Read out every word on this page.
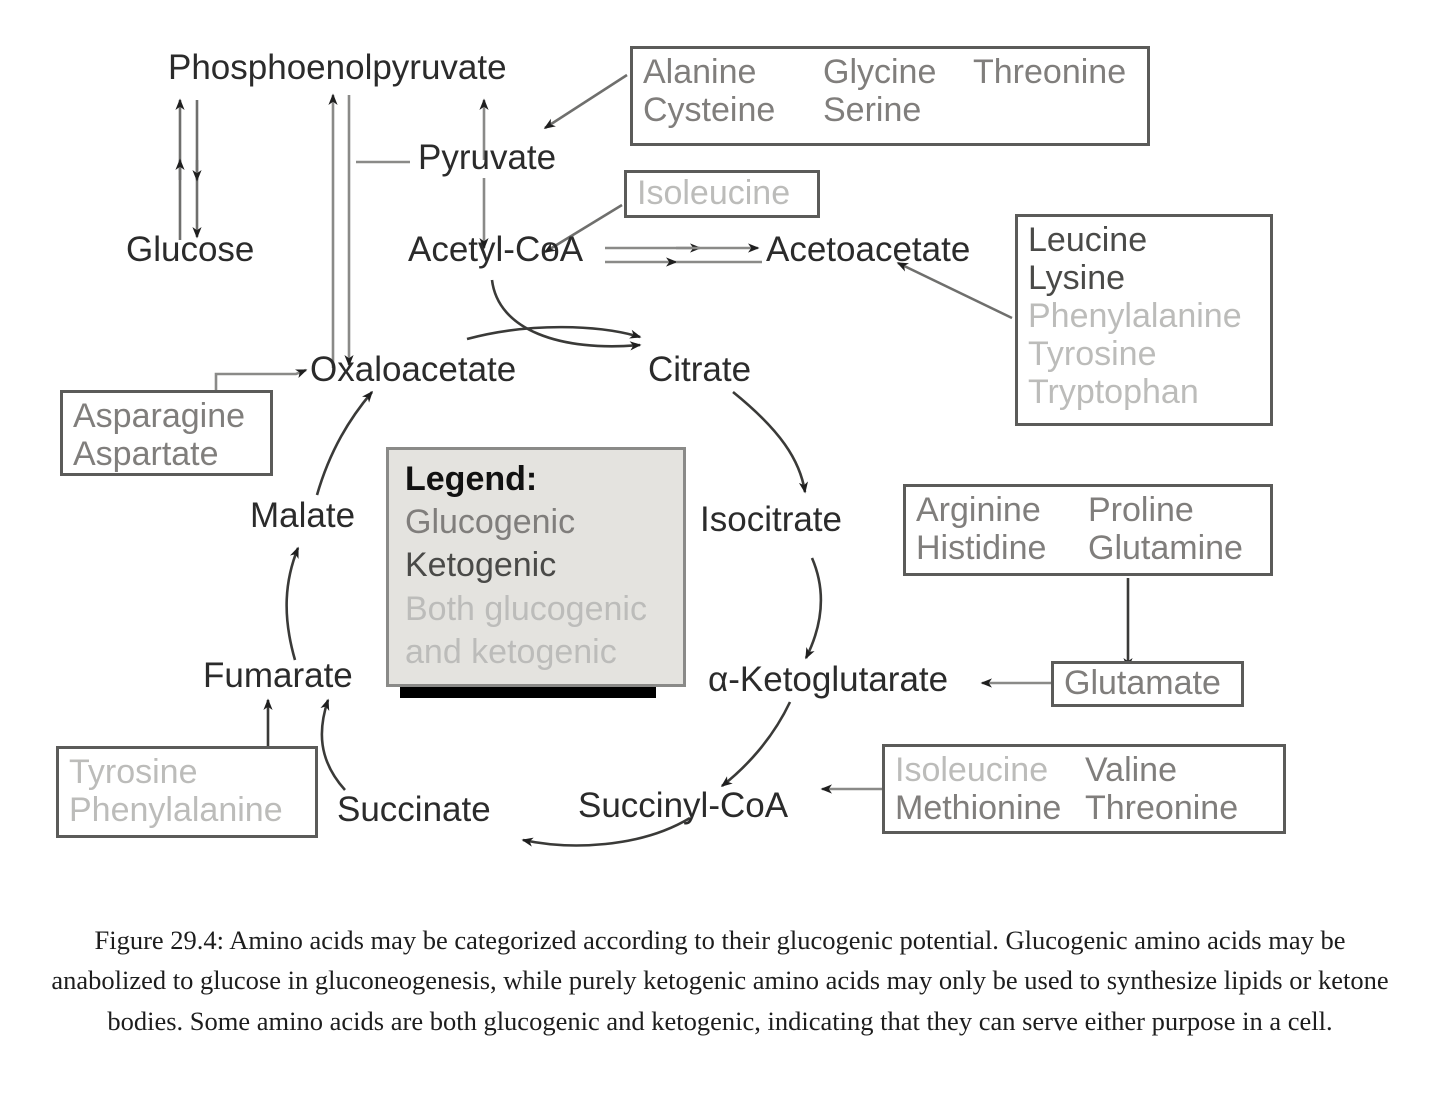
Phosphoenolpyruvate
Glucose
Pyruvate
Acetyl-CoA	Acetoacetate
Oxaloacetate	Citrate
Isocitrate
α-Ketoglutarate
Succinyl-CoA
Succinate
Fumarate
Malate
Alanine	Glycine	Threonine
Cysteine	Serine
Isoleucine
Leucine
Lysine
Phenylalanine
Tyrosine
Tryptophan
Asparagine
Aspartate
Arginine	Proline
Histidine	Glutamine
Glutamate
Isoleucine	Valine
Methionine Threonine
Tyrosine
Phenylalanine
Legend:
Glucogenic
Ketogenic
Both glucogenic
and ketogenic
Figure 29.4: Amino acids may be categorized according to their glucogenic potential. Glucogenic amino acids may be anabolized to glucose in gluconeogenesis, while purely ketogenic amino acids may only be used to synthesize lipids or ketone bodies. Some amino acids are both glucogenic and ketogenic, indicating that they can serve either purpose in a cell.
